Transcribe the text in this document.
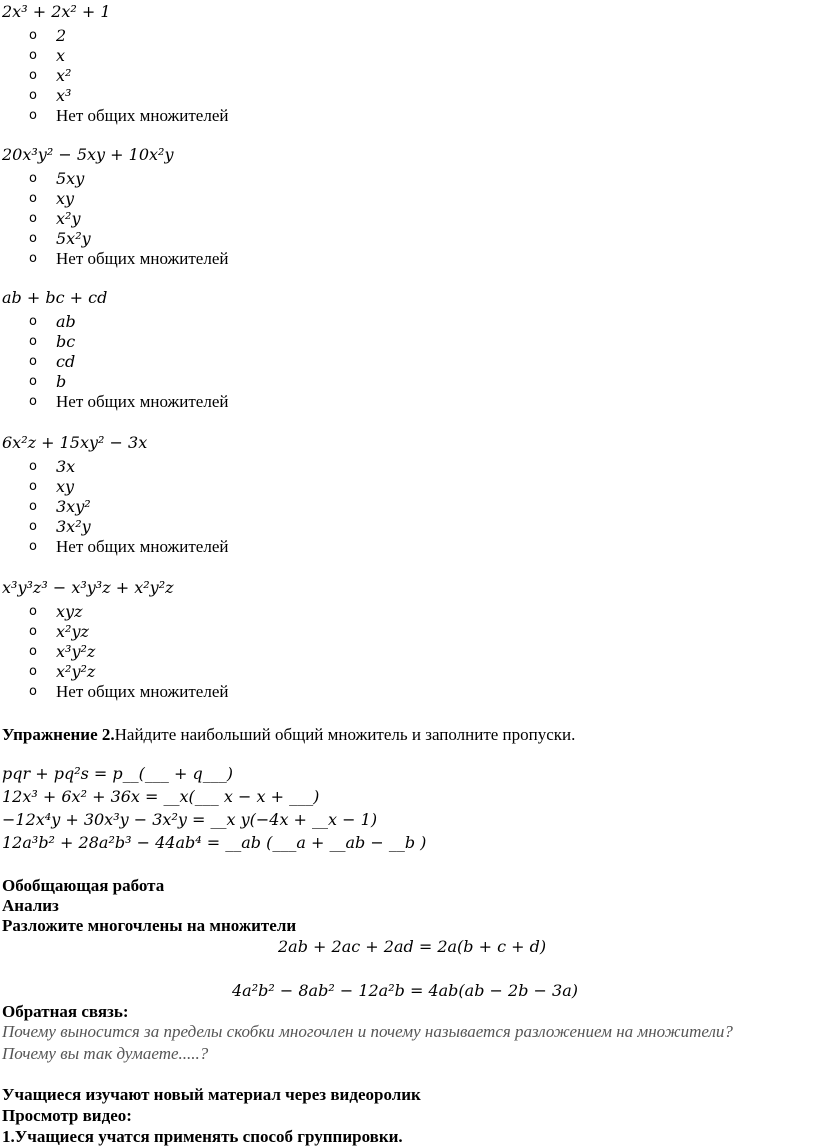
2x³ + 2x² + 1
o 2
o x
o x²
o x³
o Нет общих множителей
20x³y² − 5xy + 10x²y
o 5xy
o xy
o x²y
o 5x²y
o Нет общих множителей
ab + bc + cd
o ab
o bc
o cd
o b
o Нет общих множителей
6x²z + 15xy² − 3x
o 3x
o xy
o 3xy²
o 3x²y
o Нет общих множителей
x³y³z³ − x³y³z + x²y²z
o xyz
o x²yz
o x³y²z
o x²y²z
o Нет общих множителей
Упражнение 2.Найдите наибольший общий множитель и заполните пропуски.
pqr + pq²s = p__(___ + q___)
12x³ + 6x² + 36x = __x(___ x − x + ___)
−12x⁴y + 30x³y − 3x²y = __x y(−4x + __x − 1)
12a³b² + 28a²b³ − 44ab⁴ = __ab (___a + __ab − __b )
Обобщающая работа
Анализ
Разложите многочлены на множители
2ab + 2ac + 2ad = 2a(b + c + d)
4a²b² − 8ab² − 12a²b = 4ab(ab − 2b − 3a)
Обратная связь:
Почему выносится за пределы скобки многочлен и почему называется разложением на множители?
Почему вы так думаете.....?
Учащиеся изучают новый материал через видеоролик
Просмотр видео:
1.Учащиеся учатся применять способ группировки.
